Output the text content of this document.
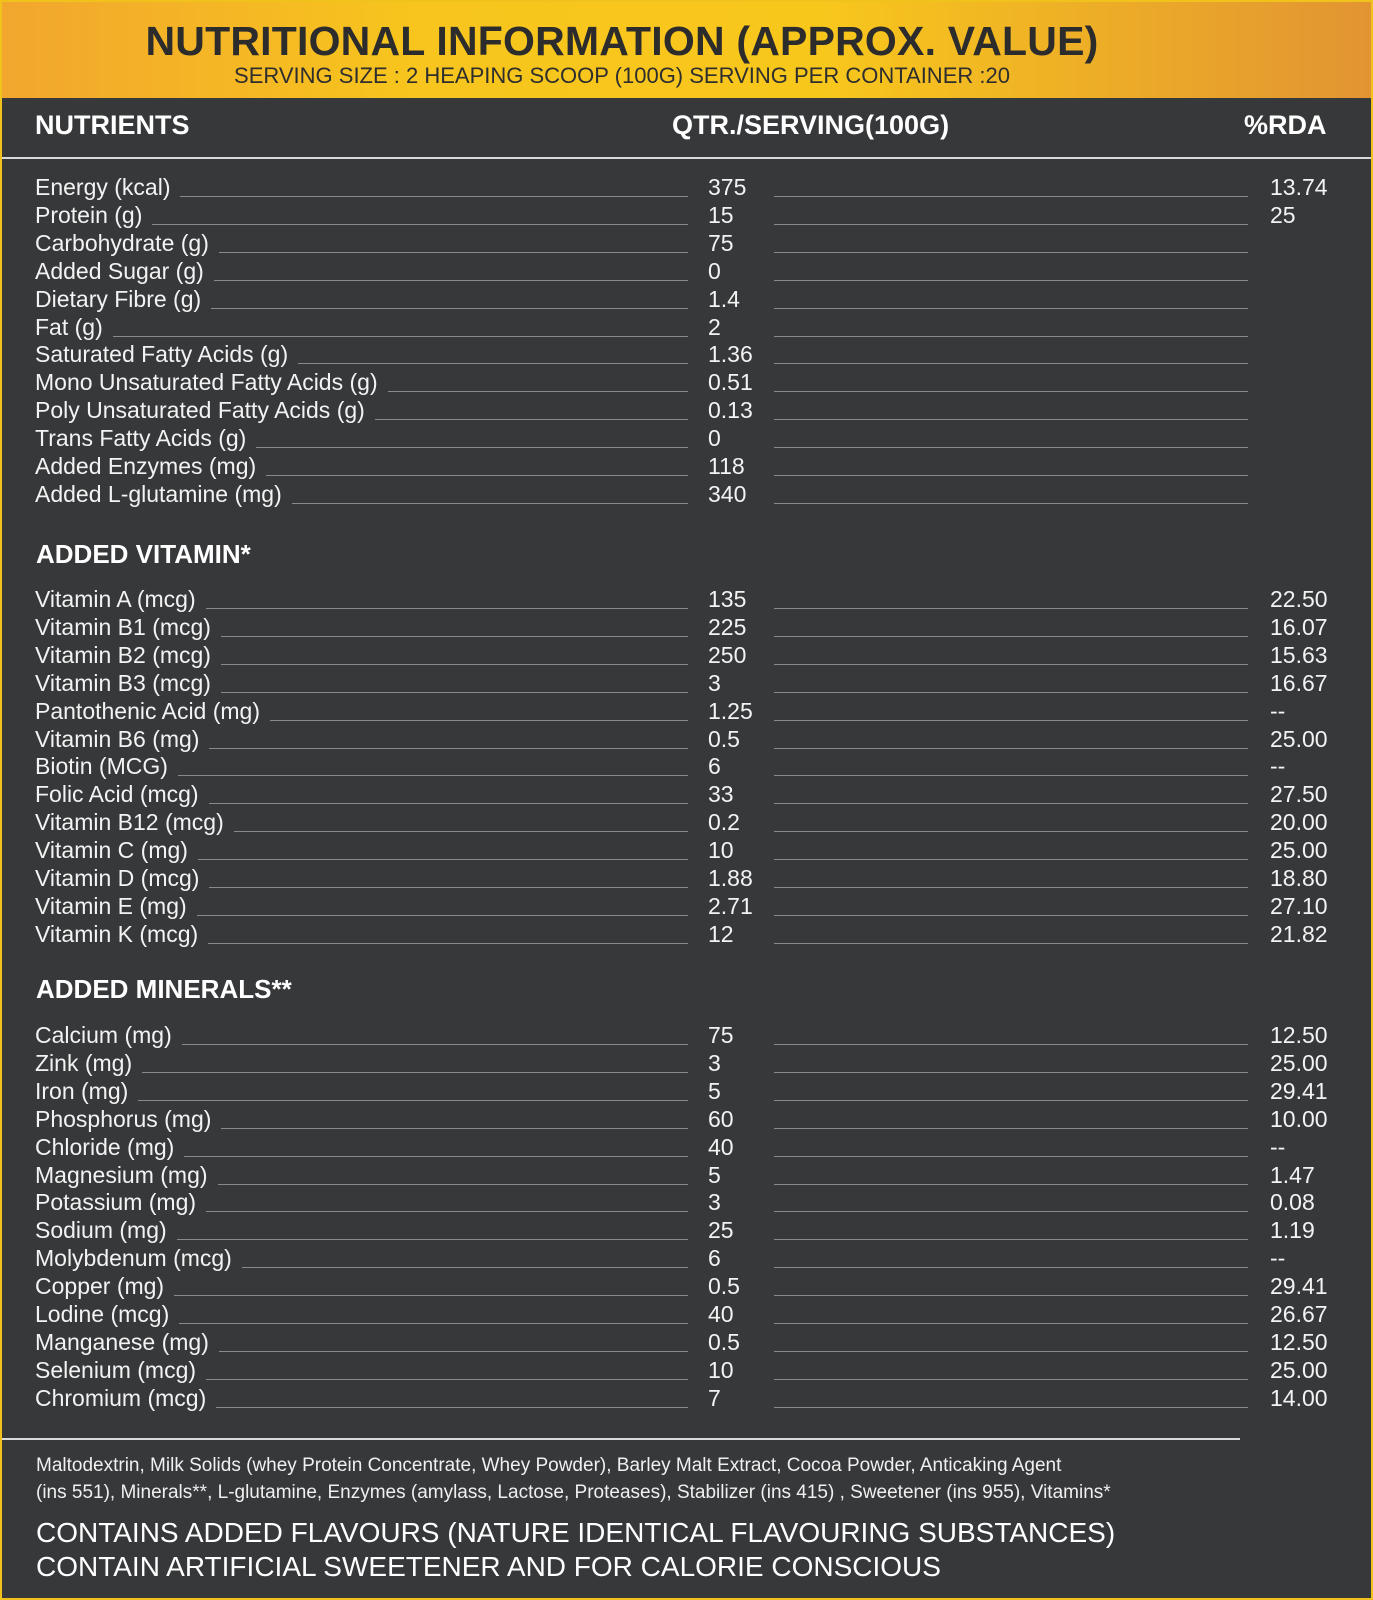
NUTRITIONAL INFORMATION (APPROX. VALUE)
SERVING SIZE : 2 HEAPING SCOOP (100G) SERVING PER CONTAINER :20
NUTRIENTS	QTR./SERVING(100G)	%RDA
Energy (kcal)	375	13.74
Protein (g)	15	25
Carbohydrate (g)	75
Added Sugar (g)	0
Dietary Fibre (g)	1.4
Fat (g)	2
Saturated Fatty Acids (g)	1.36
Mono Unsaturated Fatty Acids (g)	0.51
Poly Unsaturated Fatty Acids (g)	0.13
Trans Fatty Acids (g)	0
Added Enzymes (mg)	118
Added L-glutamine (mg)	340
ADDED VITAMIN*
Vitamin A (mcg)	135	22.50
Vitamin B1 (mcg)	225	16.07
Vitamin B2 (mcg)	250	15.63
Vitamin B3 (mcg)	3	16.67
Pantothenic Acid (mg)	1.25	--
Vitamin B6 (mg)	0.5	25.00
Biotin (MCG)	6	--
Folic Acid (mcg)	33	27.50
Vitamin B12 (mcg)	0.2	20.00
Vitamin C (mg)	10	25.00
Vitamin D (mcg)	1.88	18.80
Vitamin E (mg)	2.71	27.10
Vitamin K (mcg)	12	21.82
ADDED MINERALS**
Calcium (mg)	75	12.50
Zink (mg)	3	25.00
Iron (mg)	5	29.41
Phosphorus (mg)	60	10.00
Chloride (mg)	40	--
Magnesium (mg)	5	1.47
Potassium (mg)	3	0.08
Sodium (mg)	25	1.19
Molybdenum (mcg)	6	--
Copper (mg)	0.5	29.41
Lodine (mcg)	40	26.67
Manganese (mg)	0.5	12.50
Selenium (mcg)	10	25.00
Chromium (mcg)	7	14.00
Maltodextrin, Milk Solids (whey Protein Concentrate, Whey Powder), Barley Malt Extract, Cocoa Powder, Anticaking Agent
(ins 551), Minerals**, L-glutamine, Enzymes (amylass, Lactose, Proteases), Stabilizer (ins 415) , Sweetener (ins 955), Vitamins*
CONTAINS ADDED FLAVOURS (NATURE IDENTICAL FLAVOURING SUBSTANCES)
CONTAIN ARTIFICIAL SWEETENER AND FOR CALORIE CONSCIOUS
